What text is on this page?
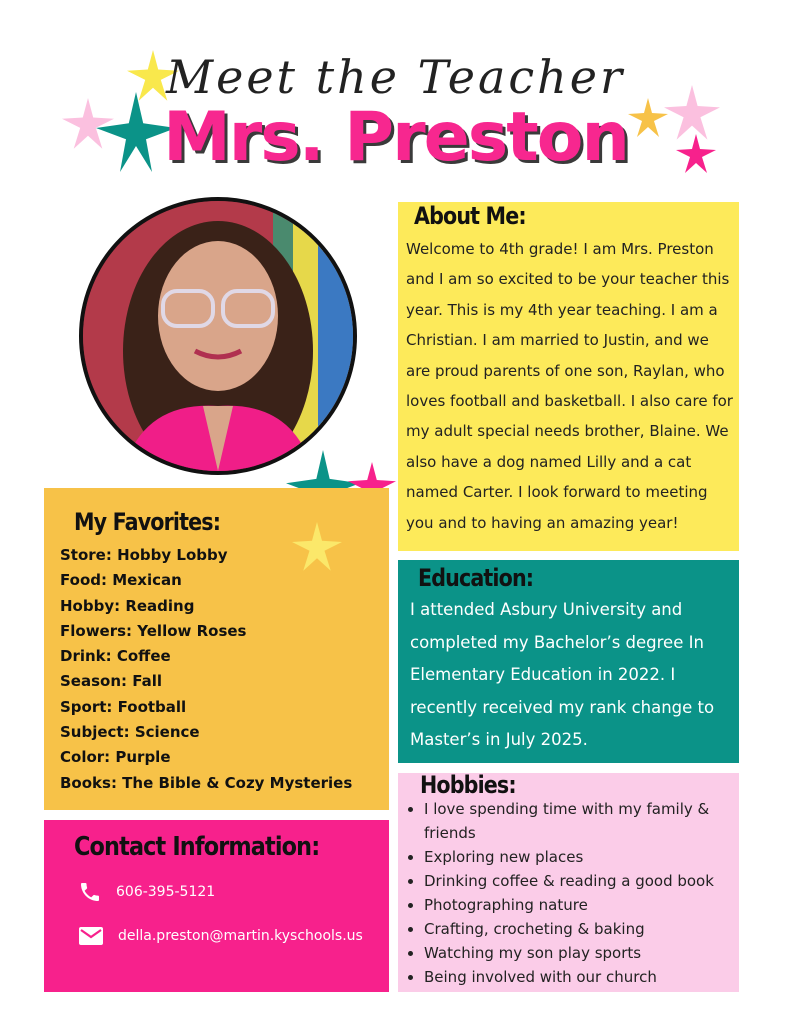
Meet the Teacher
Mrs. Preston
About Me:
Welcome to 4th grade! I am Mrs. Preston and I am so excited to be your teacher this year. This is my 4th year teaching. I am a Christian. I am married to Justin, and we are proud parents of one son, Raylan, who loves football and basketball. I also care for my adult special needs brother, Blaine. We also have a dog named Lilly and a cat named Carter. I look forward to meeting you and to having an amazing year!
My Favorites:
Store: Hobby Lobby
Food: Mexican
Hobby: Reading
Flowers: Yellow Roses
Drink: Coffee
Season: Fall
Sport: Football
Subject: Science
Color: Purple
Books: The Bible & Cozy Mysteries
Education:
I attended Asbury University and completed my Bachelor’s degree In Elementary Education in 2022. I recently received my rank change to Master’s in July 2025.
Hobbies:
• I love spending time with my family & friends
• Exploring new places
• Drinking coffee & reading a good book
• Photographing nature
• Crafting, crocheting & baking
• Watching my son play sports
• Being involved with our church
Contact Information:
606-395-5121
della.preston@martin.kyschools.us
